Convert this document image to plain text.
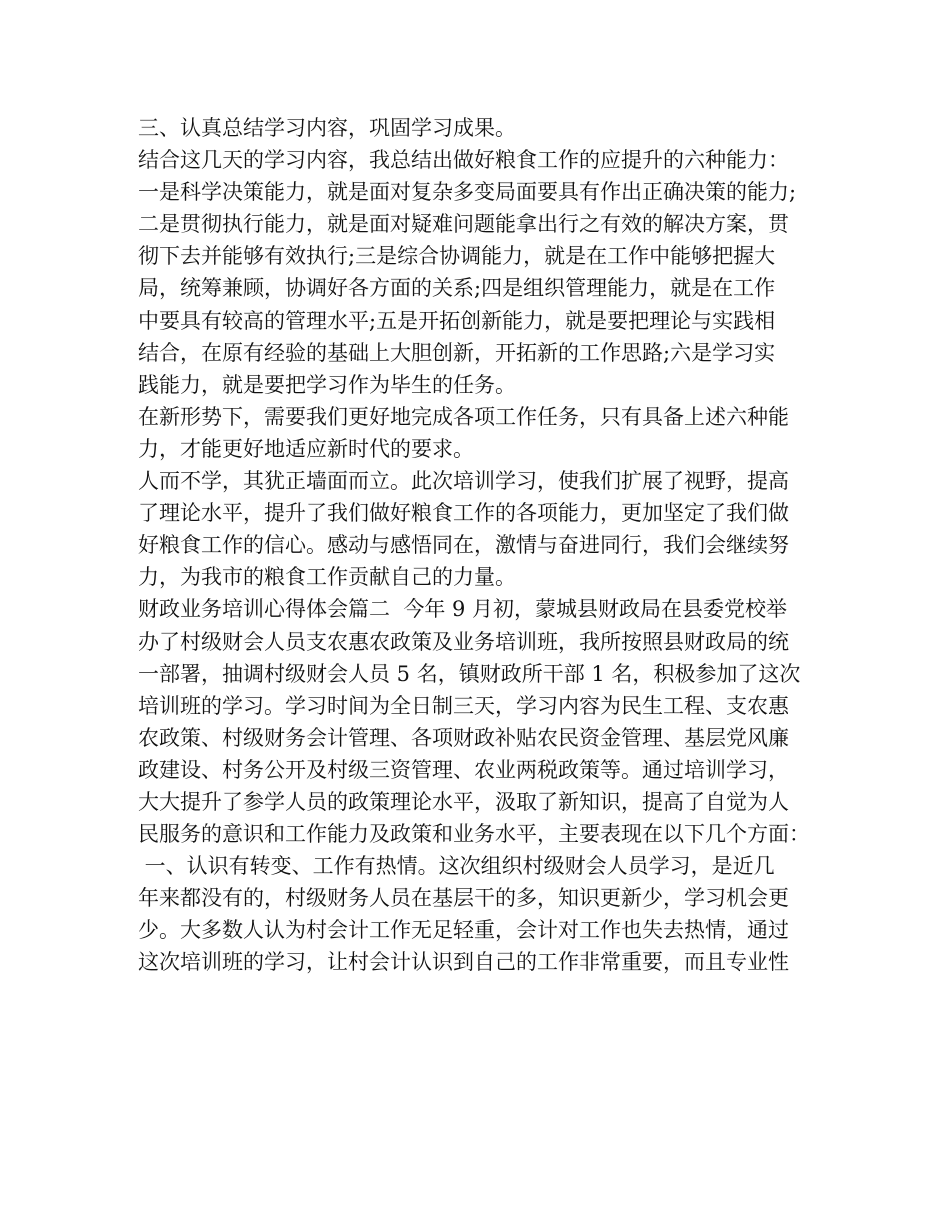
三、认真总结学习内容，巩固学习成果。
结合这几天的学习内容，我总结出做好粮食工作的应提升的六种能力：
一是科学决策能力，就是面对复杂多变局面要具有作出正确决策的能力;
二是贯彻执行能力，就是面对疑难问题能拿出行之有效的解决方案，贯
彻下去并能够有效执行;三是综合协调能力，就是在工作中能够把握大
局，统筹兼顾，协调好各方面的关系;四是组织管理能力，就是在工作
中要具有较高的管理水平;五是开拓创新能力，就是要把理论与实践相
结合，在原有经验的基础上大胆创新，开拓新的工作思路;六是学习实
践能力，就是要把学习作为毕生的任务。
在新形势下，需要我们更好地完成各项工作任务，只有具备上述六种能
力，才能更好地适应新时代的要求。
人而不学，其犹正墙面而立。此次培训学习，使我们扩展了视野，提高
了理论水平，提升了我们做好粮食工作的各项能力，更加坚定了我们做
好粮食工作的信心。感动与感悟同在，激情与奋进同行，我们会继续努
力，为我市的粮食工作贡献自己的力量。
财政业务培训心得体会篇二  今年 9 月初，蒙城县财政局在县委党校举
办了村级财会人员支农惠农政策及业务培训班，我所按照县财政局的统
一部署，抽调村级财会人员 5 名，镇财政所干部 1 名，积极参加了这次
培训班的学习。学习时间为全日制三天，学习内容为民生工程、支农惠
农政策、村级财务会计管理、各项财政补贴农民资金管理、基层党风廉
政建设、村务公开及村级三资管理、农业两税政策等。通过培训学习，
大大提升了参学人员的政策理论水平，汲取了新知识，提高了自觉为人
民服务的意识和工作能力及政策和业务水平，主要表现在以下几个方面：
一、认识有转变、工作有热情。这次组织村级财会人员学习，是近几
年来都没有的，村级财务人员在基层干的多，知识更新少，学习机会更
少。大多数人认为村会计工作无足轻重，会计对工作也失去热情，通过
这次培训班的学习，让村会计认识到自己的工作非常重要，而且专业性
